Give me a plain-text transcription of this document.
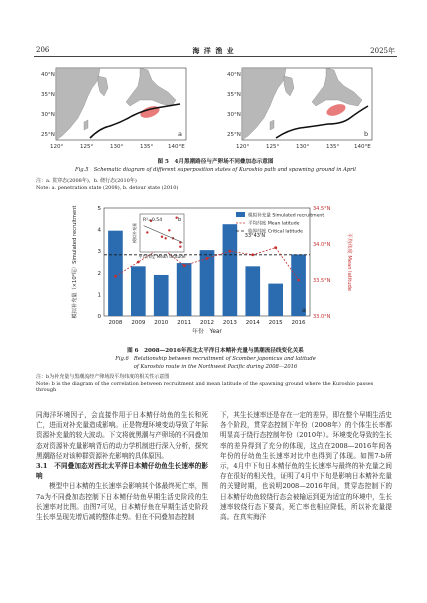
206	海 洋 渔 业	2025年
40°N
35°N
30°N
25°N
120°	125°	130°	135°	140°E
a
40°N
35°N
30°N
25°N
120°	125°	130°	135°	140°E
b
图 5　4月黑潮路径与产卵场不同叠加态示意图
Fig.5　Schematic diagram of different superposition states of Kuroshio path and spawning ground in April
注：a. 贯穿态(2008年)，b. 绕行态(2010年)
Note: a. penetration state (2008), b. detour state (2010)
2008 2009 2010 2011 2012 2013 2014 2015 2016
0
1
2
3
4
5
33.0°N
33.5°N
34.0°N
34.5°N
年份　Year
模拟补充量（×10⁹尾）Simulated recruitment	平均纬度 Mean latitude
33°43'N
a
模拟补充量 Simulated recruitment
平均纬度 Mean latitude
临界纬度 Critical latitude
R²=0.54	b
平均纬度 Mean latitude
模拟补充量
图 6　2008—2016年西北太平洋日本鲭补充量与黑潮流径线变化关系
Fig.6　Relationship between recruitment of Scomber japonicus and latitude
of Kuroshio route in the Northwest Pacific during 2008—2016
注：b为补充量与黑潮流经产卵场段平均纬度的相关性示意图
Note: b is the diagram of the correlation between recruitment and mean latitude of the spawning ground where the Kuroshio passes
through

同海洋环境因子，会直接作用于日本鲭仔幼鱼的生长和死亡，进而对补充量造成影响。正是物理环境变动导致了年际资源补充量的较大波动。下文将就黑潮与产卵场的不同叠加态对资源补充量影响背后的动力学机制进行深入分析，探究黑潮路径对该种群资源补充影响的具体原因。

3.1　不同叠加态对西北太平洋日本鲭仔幼鱼生长速率的影响

模型中日本鲭的生长速率会影响其个体最终死亡率，图7a为不同叠加态控制下日本鲭仔幼鱼早期生活史阶段的生长速率对比图。由图7可见，日本鲭仔鱼在早期生活史阶段生长率呈现先增后减的整体走势。但在不同叠加态控制

下，其生长速率还是存在一定的差异，即在整个早期生活史各个阶段，贯穿态控制下年份（2008年）的个体生长率都明显高于绕行态控制年份（2010年）。环境变化导致的生长率的差异得到了充分的体现，这点在2008—2016年间各年份的仔幼鱼生长速率对比中也得到了体现。如图7-b所示，4月中下旬日本鲭仔鱼的生长速率与最终的补充量之间存在很好的相关性，证明了4月中下旬是影响日本鲭补充量的关键时期，也说明2008—2016年间，贯穿态控制下的日本鲭仔幼鱼较绕行态会被输运到更为适宜的环境中，生长速率较绕行态下要高，死亡率也相应降低，所以补充量提高。在真实海洋
